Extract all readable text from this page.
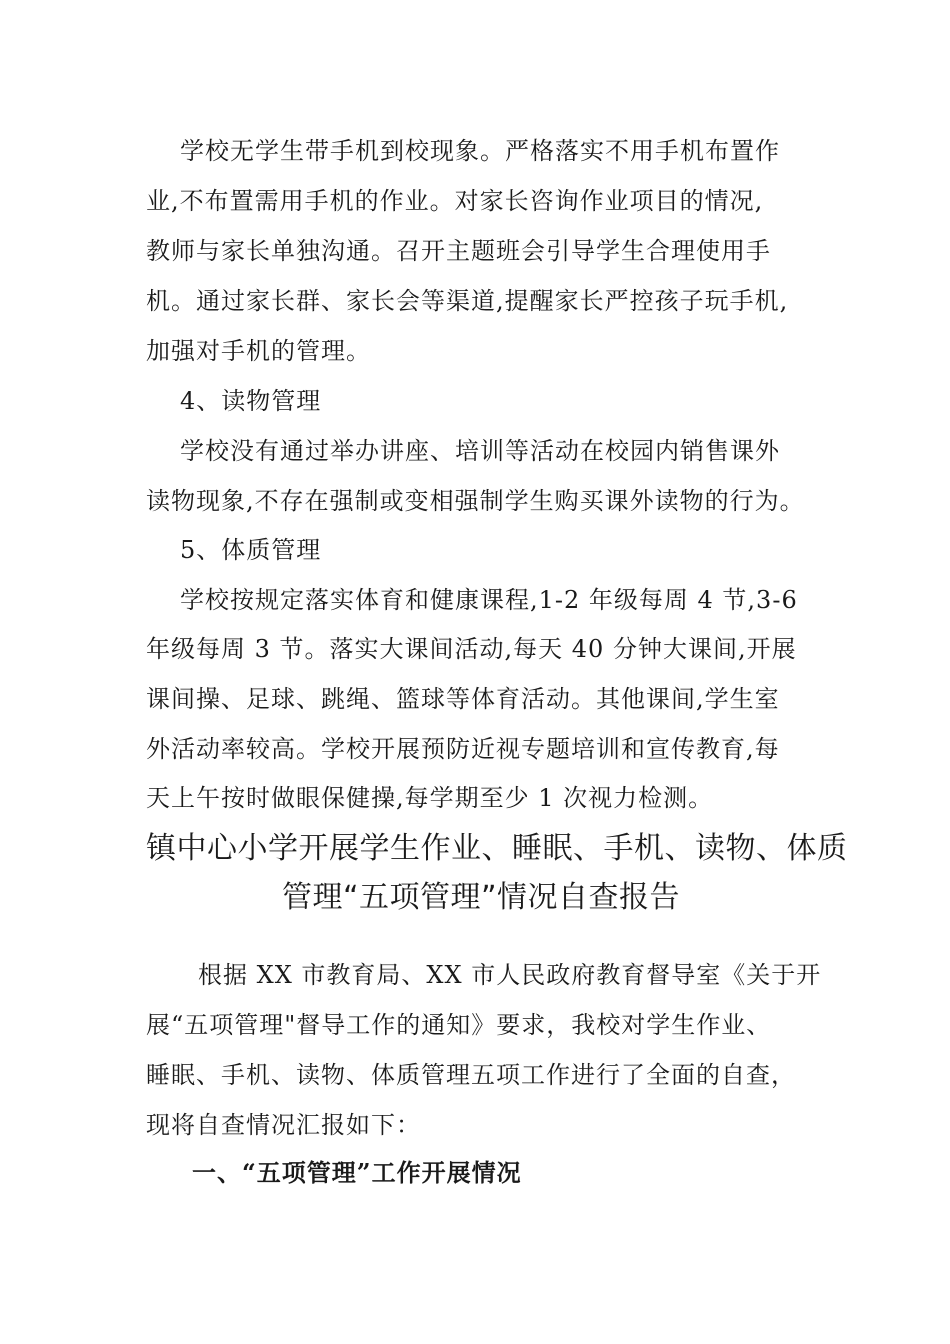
学校无学生带手机到校现象。严格落实不用手机布置作
业,不布置需用手机的作业。对家长咨询作业项目的情况,
教师与家长单独沟通。召开主题班会引导学生合理使用手
机。通过家长群、家长会等渠道,提醒家长严控孩子玩手机,
加强对手机的管理。
4、读物管理
学校没有通过举办讲座、培训等活动在校园内销售课外
读物现象,不存在强制或变相强制学生购买课外读物的行为。
5、体质管理
学校按规定落实体育和健康课程,1-2 年级每周 4 节,3-6
年级每周 3 节。落实大课间活动,每天 40 分钟大课间,开展
课间操、足球、跳绳、篮球等体育活动。其他课间,学生室
外活动率较高。学校开展预防近视专题培训和宣传教育,每
天上午按时做眼保健操,每学期至少 1 次视力检测。
镇中心小学开展学生作业、睡眠、手机、读物、体质
管理“五项管理”情况自查报告
根据 XX 市教育局、XX 市人民政府教育督导室《关于开
展“五项管理"督导工作的通知》要求，我校对学生作业、
睡眠、手机、读物、体质管理五项工作进行了全面的自查，
现将自查情况汇报如下：
一、“五项管理”工作开展情况
